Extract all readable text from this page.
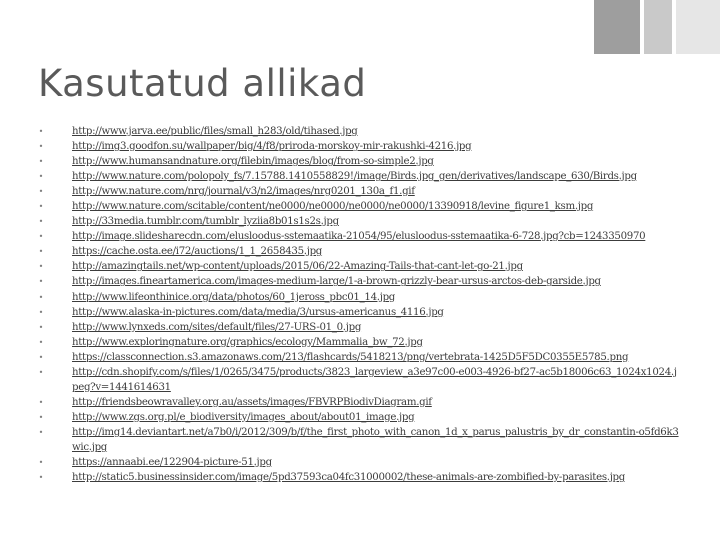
Kasutatud allikad
•	http://www.jarva.ee/public/files/small_h283/old/tihased.jpg
•	http://img3.goodfon.su/wallpaper/big/4/f8/priroda-morskoy-mir-rakushki-4216.jpg
•	http://www.humansandnature.org/filebin/images/blog/from-so-simple2.jpg
•	http://www.nature.com/polopoly_fs/7.15788.1410558829!/image/Birds.jpg_gen/derivatives/landscape_630/Birds.jpg
•	http://www.nature.com/nrg/journal/v3/n2/images/nrg0201_130a_f1.gif
•	http://www.nature.com/scitable/content/ne0000/ne0000/ne0000/ne0000/13390918/levine_figure1_ksm.jpg
•	http://33media.tumblr.com/tumblr_lyziia8b01s1s2s.jpg
•	http://image.slidesharecdn.com/elusloodus-sstemaatika-21054/95/elusloodus-sstemaatika-6-728.jpg?cb=1243350970
•	https://cache.osta.ee/i72/auctions/1_1_2658435.jpg
•	http://amazingtails.net/wp-content/uploads/2015/06/22-Amazing-Tails-that-cant-let-go-21.jpg
•	http://images.fineartamerica.com/images-medium-large/1-a-brown-grizzly-bear-ursus-arctos-deb-garside.jpg
•	http://www.lifeonthinice.org/data/photos/60_1jeross_pbc01_14.jpg
•	http://www.alaska-in-pictures.com/data/media/3/ursus-americanus_4116.jpg
•	http://www.lynxeds.com/sites/default/files/27-URS-01_0.jpg
•	http://www.exploringnature.org/graphics/ecology/Mammalia_bw_72.jpg
•	https://classconnection.s3.amazonaws.com/213/flashcards/5418213/png/vertebrata-1425D5F5DC0355E5785.png
•	http://cdn.shopify.com/s/files/1/0265/3475/products/3823_largeview_a3e97c00-e003-4926-bf27-ac5b18006c63_1024x1024.jpeg?v=1441614631
•	http://friendsbeowravalley.org.au/assets/images/FBVRPBiodivDiagram.gif
•	http://www.zgs.org.pl/e_biodiversity/images_about/about01_image.jpg
•	http://img14.deviantart.net/a7b0/i/2012/309/b/f/the_first_photo_with_canon_1d_x_parus_palustris_by_dr_constantin-o5fd6k3wic.jpg
•	https://annaabi.ee/122904-picture-51.jpg
•	http://static5.businessinsider.com/image/5pd37593ca04fc31000002/these-animals-are-zombified-by-parasites.jpg
